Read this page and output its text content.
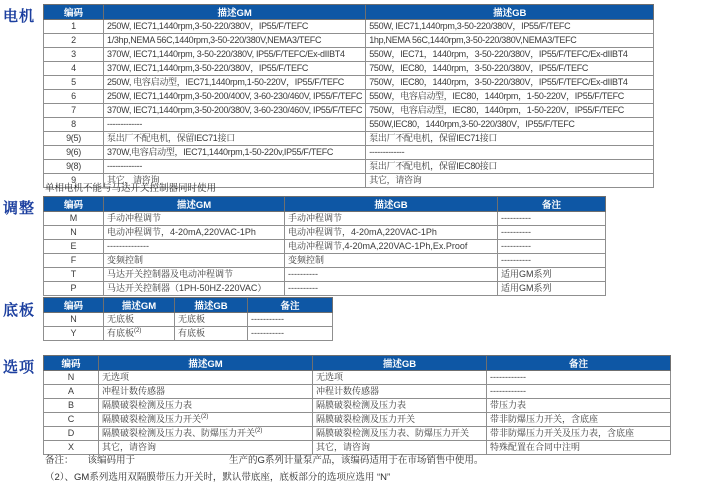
电机	编码	描述GM	描述GB
1	250W, IEC71,1440rpm,3-50-220/380V，IP55/F/TEFC	550W, IEC71,1440rpm,3-50-220/380V，IP55/F/TEFC
2	1/3hp,NEMA 56C,1440rpm,3-50-220/380V,NEMA3/TEFC	1hp,NEMA 56C,1440rpm,3-50-220/380V,NEMA3/TEFC
3	370W, IEC71,1440rpm, 3-50-220/380V, IP55/F/TEFC/Ex-dIIBT4	550W，IEC71，1440rpm，3-50-220/380V，IP55/F/TEFC/Ex-dIIBT4
4	370W, IEC71,1440rpm,3-50-220/380V，IP55/F/TEFC	750W，IEC80，1440rpm，3-50-220/380V，IP55/F/TEFC
5	250W, 电容启动型，IEC71,1440rpm,1-50-220V，IP55/F/TEFC	750W，IEC80，1440rpm，3-50-220/380V，IP55/F/TEFC/Ex-dIIBT4
6	250W, IEC71,1440rpm,3-50-200/400V, 3-60-230/460V, IP55/F/TEFC	550W，电容启动型，IEC80，1440rpm，1-50-220V，IP55/F/TEFC
7	370W, IEC71,1440rpm,3-50-200/380V, 3-60-230/460V, IP55/F/TEFC	750W，电容启动型，IEC80，1440rpm，1-50-220V，IP55/F/TEFC
8	-------------	550W,IEC80，1440rpm,3-50-220/380V，IP55/F/TEFC
9(5)	泵出厂不配电机，保留IEC71接口	泵出厂不配电机，保留IEC71接口
9(6)	370W,电容启动型，IEC71,1440rpm,1-50-220v,IP55/F/TEFC	-------------
9(8)	-------------	泵出厂不配电机，保留IEC80接口
9	其它，请咨询	其它，请咨询
单相电机不能与马达开关控制器同时使用
调整	编码	描述GM	描述GB	备注
M	手动冲程调节	手动冲程调节	----------
N	电动冲程调节，4-20mA,220VAC-1Ph	电动冲程调节，4-20mA,220VAC-1Ph	----------
E	--------------	电动冲程调节,4-20mA,220VAC-1Ph,Ex.Proof	----------
F	变频控制	变频控制	----------
T	马达开关控制器及电动冲程调节	----------	适用GM系列
P	马达开关控制器（1PH-50HZ-220VAC）	----------	适用GM系列
底板	编码	描述GM	描述GB	备注
N	无底板	无底板	-----------
Y	有底板$^{(2)}$	有底板	-----------
选项	编码	描述GM	描述GB	备注
N	无选项	无选项	------------
A	冲程计数传感器	冲程计数传感器	------------
B	隔膜破裂检测及压力表	隔膜破裂检测及压力表	带压力表
C	隔膜破裂检测及压力开关$^{(2)}$	隔膜破裂检测及压力开关	带非防爆压力开关，含底座
D	隔膜破裂检测及压力表、防爆压力开关$^{(2)}$	隔膜破裂检测及压力表、防爆压力开关	带非防爆压力开关及压力表，含底座
X	其它，请咨询	其它，请咨询	特殊配置在合同中注明
备注： 该编码用于	生产的G系列计量泵产品，该编码适用于在市场销售中使用。
（2）、GM系列选用双隔膜带压力开关时，默认带底座，底板部分的选项应选用 “N”
